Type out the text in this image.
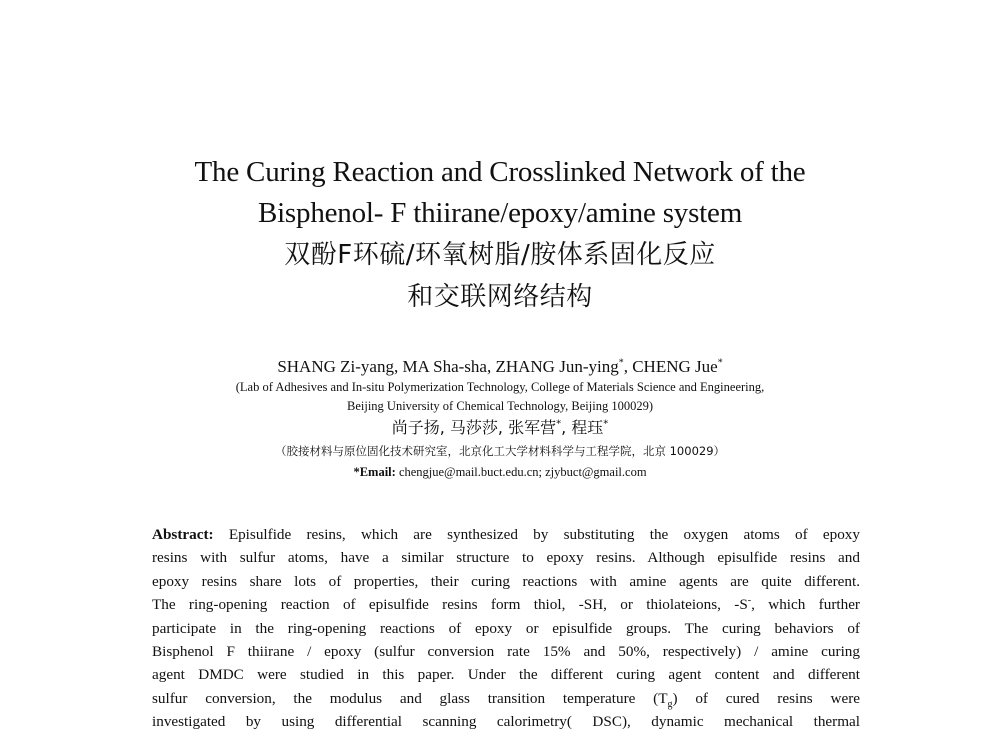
The Curing Reaction and Crosslinked Network of the
Bisphenol- F thiirane/epoxy/amine system
双酚F环硫/环氧树脂/胺体系固化反应
和交联网络结构
SHANG Zi-yang, MA Sha-sha, ZHANG Jun-ying*, CHENG Jue*
(Lab of Adhesives and In-situ Polymerization Technology, College of Materials Science and Engineering,
Beijing University of Chemical Technology, Beijing 100029)
尚子扬, 马莎莎, 张军营*, 程珏*
（胶接材料与原位固化技术研究室，北京化工大学材料科学与工程学院，北京 100029）
*Email: chengjue@mail.buct.edu.cn; zjybuct@gmail.com
Abstract: Episulfide resins, which are synthesized by substituting the oxygen atoms of epoxy
resins with sulfur atoms, have a similar structure to epoxy resins. Although episulfide resins and
epoxy resins share lots of properties, their curing reactions with amine agents are quite different.
The ring-opening reaction of episulfide resins form thiol, -SH, or thiolateions, -S-, which further
participate in the ring-opening reactions of epoxy or episulfide groups. The curing behaviors of
Bisphenol F thiirane / epoxy (sulfur conversion rate 15% and 50%, respectively) / amine curing
agent DMDC were studied in this paper. Under the different curing agent content and different
sulfur conversion, the modulus and glass transition temperature $(T_g)$ of cured resins were
investigated by using differential scanning calorimetry( DSC), dynamic mechanical thermal
